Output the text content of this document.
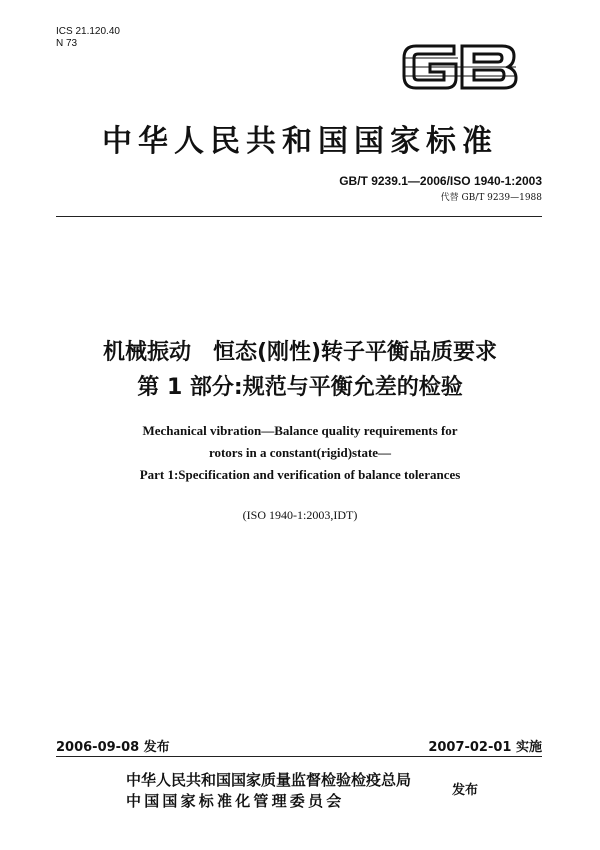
ICS 21.120.40
N 73
中华人民共和国国家标准
GB/T 9239.1—2006/ISO 1940-1:2003
代替 GB/T 9239—1988
机械振动　恒态(刚性)转子平衡品质要求
第 1 部分:规范与平衡允差的检验
Mechanical vibration—Balance quality requirements for
rotors in a constant(rigid)state—
Part 1:Specification and verification of balance tolerances
(ISO 1940-1:2003,IDT)
2006-09-08 发布	2007-02-01 实施
中华人民共和国国家质量监督检验检疫总局
中国国家标准化管理委员会
发布
